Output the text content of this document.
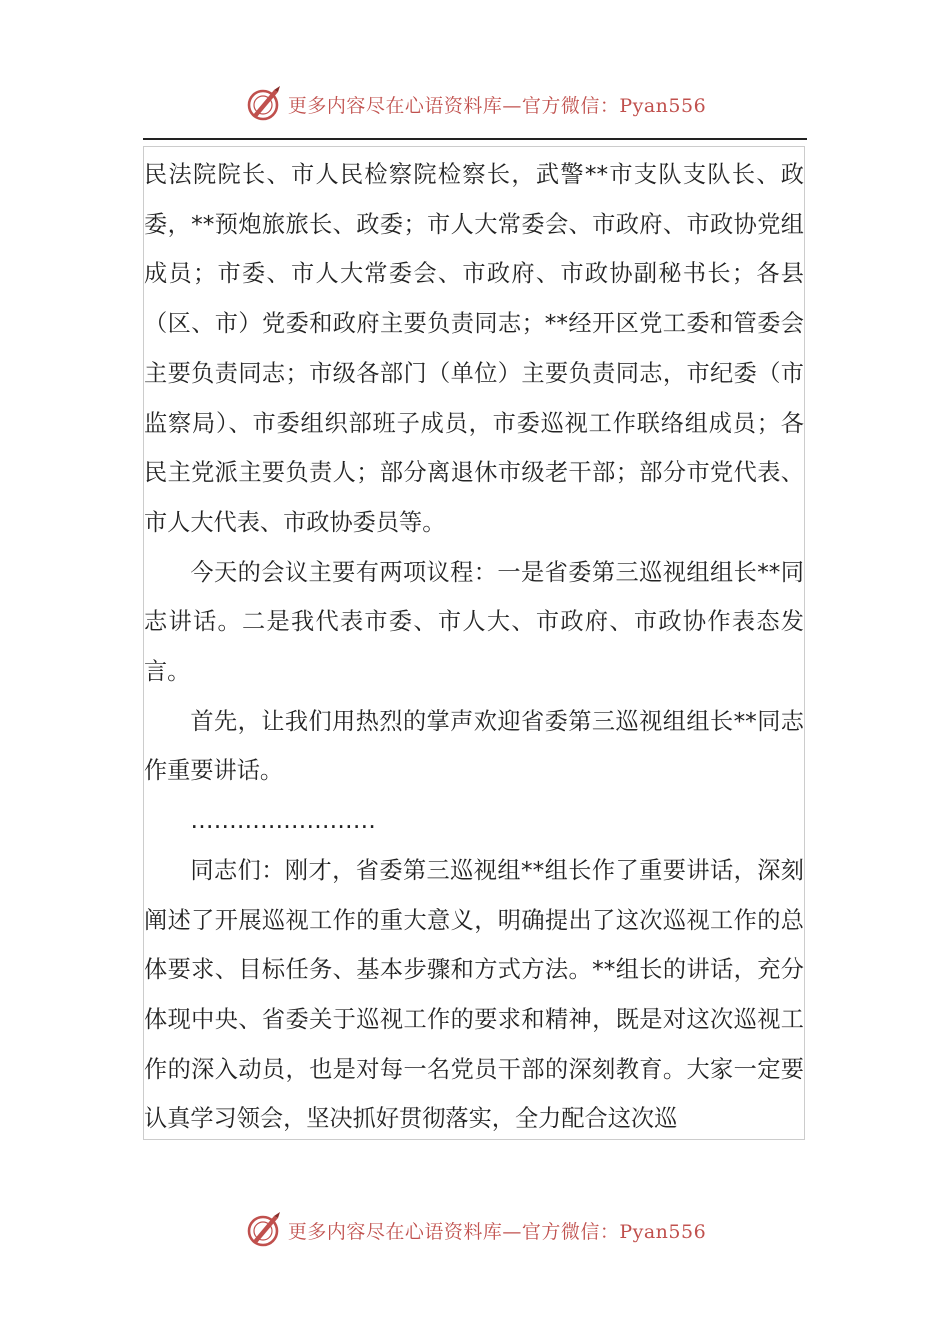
更多内容尽在心语资料库—官方微信：Pyan556

民法院院长、市人民检察院检察长，武警**市支队支队长、政委，**预炮旅旅长、政委；市人大常委会、市政府、市政协党组成员；市委、市人大常委会、市政府、市政协副秘书长；各县（区、市）党委和政府主要负责同志；**经开区党工委和管委会主要负责同志；市级各部门（单位）主要负责同志，市纪委（市监察局）、市委组织部班子成员，市委巡视工作联络组成员；各民主党派主要负责人；部分离退休市级老干部；部分市党代表、市人大代表、市政协委员等。

今天的会议主要有两项议程：一是省委第三巡视组组长**同志讲话。二是我代表市委、市人大、市政府、市政协作表态发言。

首先，让我们用热烈的掌声欢迎省委第三巡视组组长**同志作重要讲话。

……………………

同志们：刚才，省委第三巡视组**组长作了重要讲话，深刻阐述了开展巡视工作的重大意义，明确提出了这次巡视工作的总体要求、目标任务、基本步骤和方式方法。**组长的讲话，充分体现中央、省委关于巡视工作的要求和精神，既是对这次巡视工作的深入动员，也是对每一名党员干部的深刻教育。大家一定要认真学习领会，坚决抓好贯彻落实，全力配合这次巡

更多内容尽在心语资料库—官方微信：Pyan556
